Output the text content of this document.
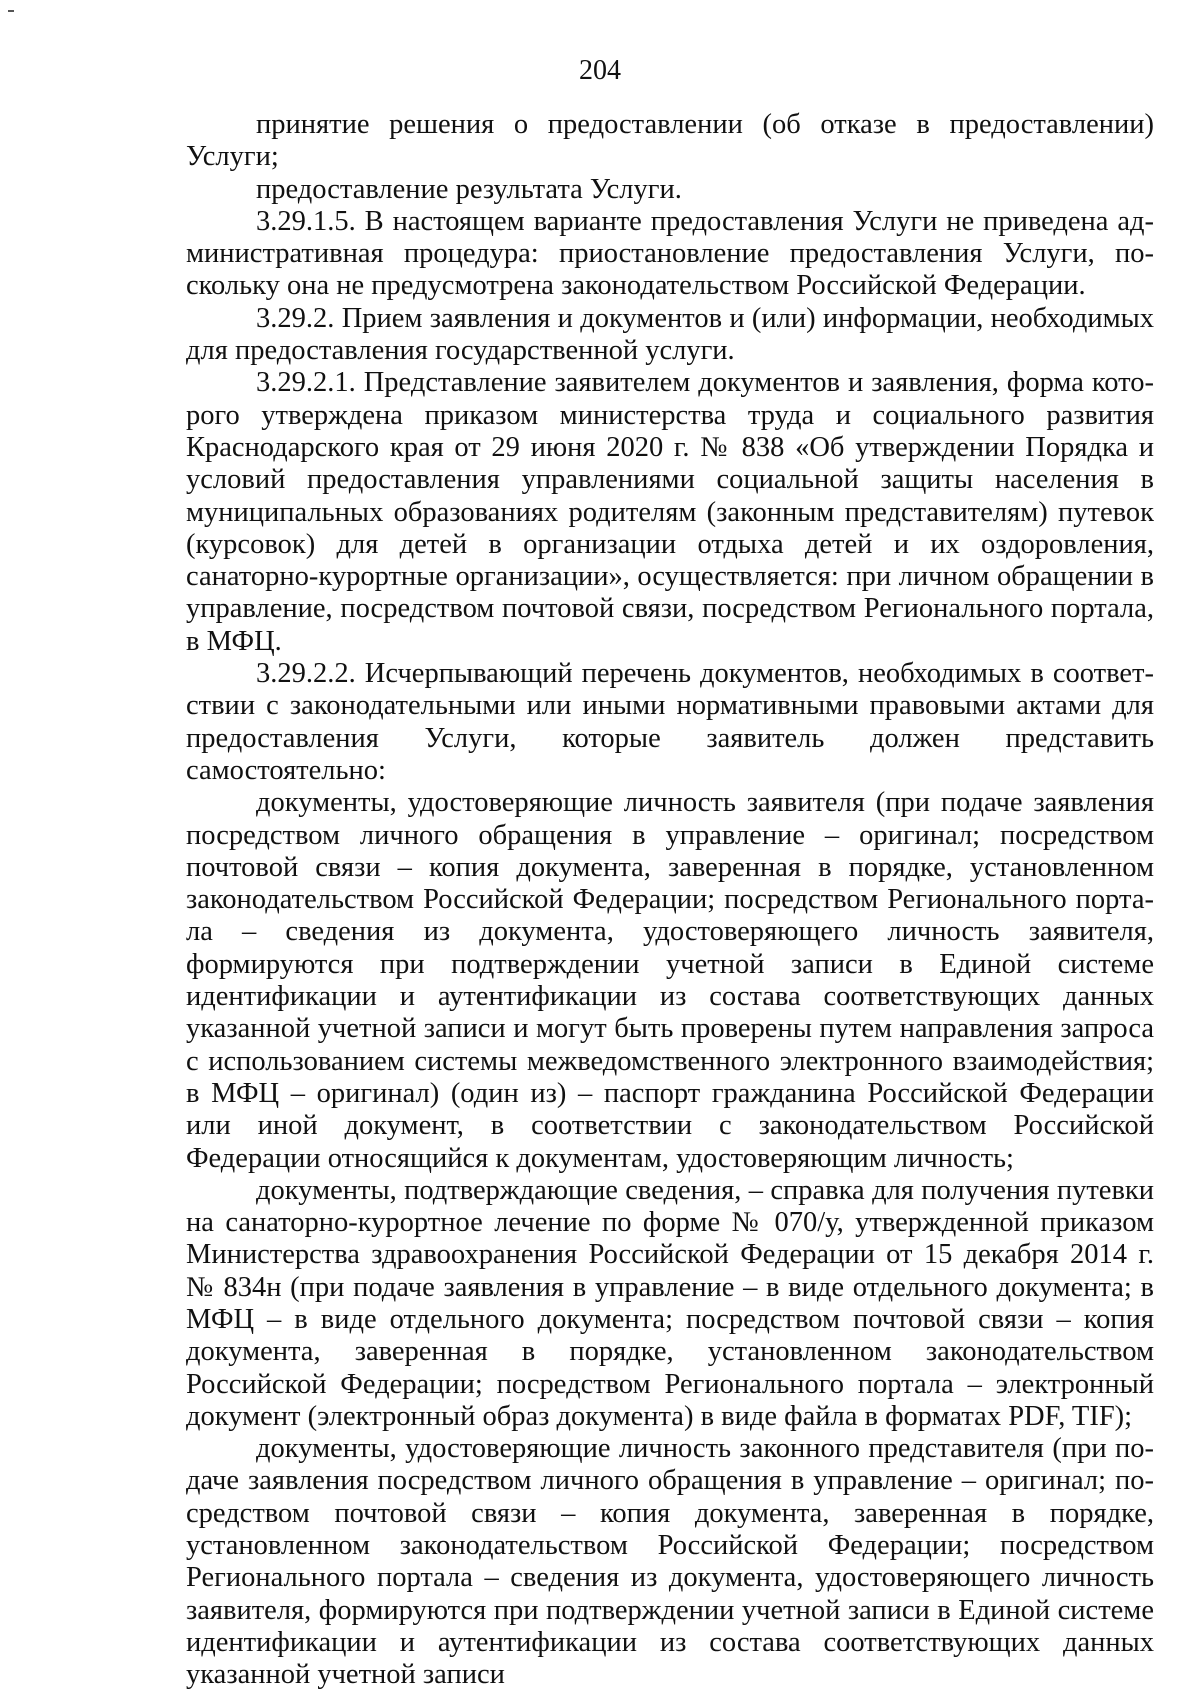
204

принятие решения о предоставлении (об отказе в предоставлении) Услуги;

предоставление результата Услуги.

3.29.1.5. В настоящем варианте предоставления Услуги не приведена административная процедура: приостановление предоставления Услуги, поскольку она не предусмотрена законодательством Российской Федерации.

3.29.2. Прием заявления и документов и (или) информации, необходимых для предоставления государственной услуги.

3.29.2.1. Представление заявителем документов и заявления, форма которого утверждена приказом министерства труда и социального развития Краснодарского края от 29 июня 2020 г. № 838 «Об утверждении Порядка и условий предоставления управлениями социальной защиты населения в муниципальных образованиях родителям (законным представителям) путевок (курсовок) для детей в организации отдыха детей и их оздоровления, санаторно-курортные организации», осуществляется: при личном обращении в управление, посредством почтовой связи, посредством Регионального портала, в МФЦ.

3.29.2.2. Исчерпывающий перечень документов, необходимых в соответствии с законодательными или иными нормативными правовыми актами для предоставления Услуги, которые заявитель должен представить самостоятельно:

документы, удостоверяющие личность заявителя (при подаче заявления посредством личного обращения в управление – оригинал; посредством почтовой связи – копия документа, заверенная в порядке, установленном законодательством Российской Федерации; посредством Регионального портала – сведения из документа, удостоверяющего личность заявителя, формируются при подтверждении учетной записи в Единой системе идентификации и аутентификации из состава соответствующих данных указанной учетной записи и могут быть проверены путем направления запроса с использованием системы межведомственного электронного взаимодействия; в МФЦ – оригинал) (один из) – паспорт гражданина Российской Федерации или иной документ, в соответствии с законодательством Российской Федерации относящийся к документам, удостоверяющим личность;

документы, подтверждающие сведения, – справка для получения путевки на санаторно-курортное лечение по форме № 070/у, утвержденной приказом Министерства здравоохранения Российской Федерации от 15 декабря 2014 г. № 834н (при подаче заявления в управление – в виде отдельного документа; в МФЦ – в виде отдельного документа; посредством почтовой связи – копия документа, заверенная в порядке, установленном законодательством Российской Федерации; посредством Регионального портала – электронный документ (электронный образ документа) в виде файла в форматах PDF, TIF);

документы, удостоверяющие личность законного представителя (при подаче заявления посредством личного обращения в управление – оригинал; посредством почтовой связи – копия документа, заверенная в порядке, установленном законодательством Российской Федерации; посредством Регионального портала – сведения из документа, удостоверяющего личность заявителя, формируются при подтверждении учетной записи в Единой системе идентификации и аутентификации из состава соответствующих данных указанной учетной записи
